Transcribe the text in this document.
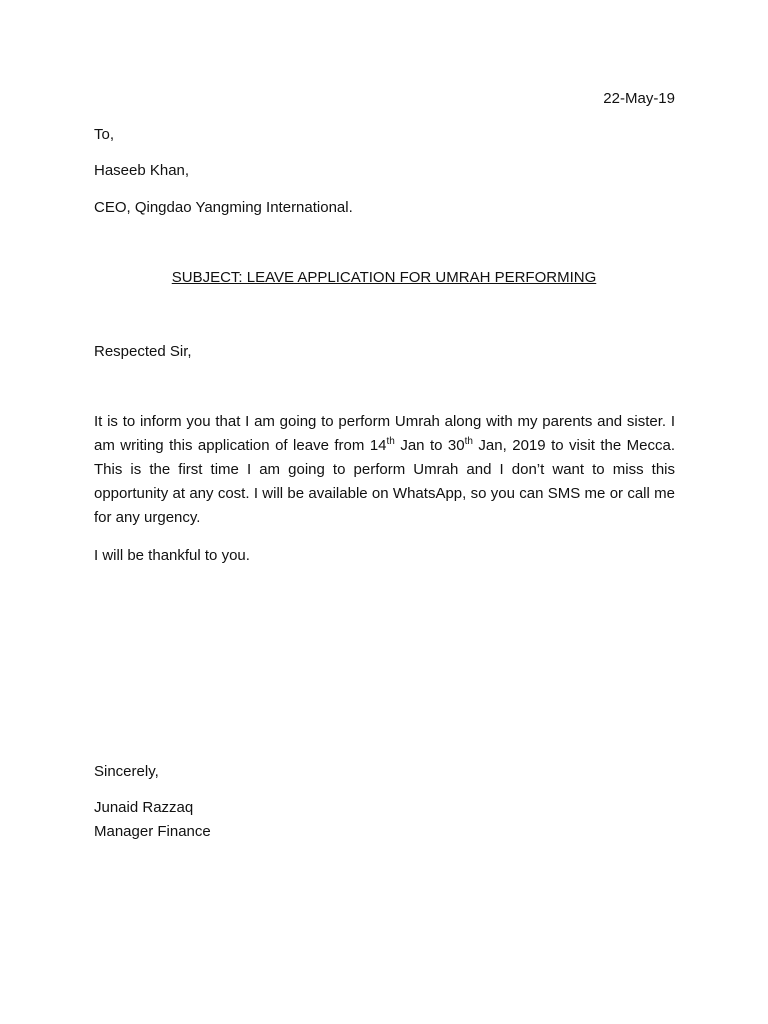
22-May-19
To,
Haseeb Khan,
CEO, Qingdao Yangming International.
SUBJECT: LEAVE APPLICATION FOR UMRAH PERFORMING
Respected Sir,

It is to inform you that I am going to perform Umrah along with my parents and sister. I am writing this application of leave from 14th Jan to 30th Jan, 2019 to visit the Mecca. This is the first time I am going to perform Umrah and I don’t want to miss this opportunity at any cost. I will be available on WhatsApp, so you can SMS me or call me for any urgency.

I will be thankful to you.
Sincerely,
Junaid Razzaq
Manager Finance
